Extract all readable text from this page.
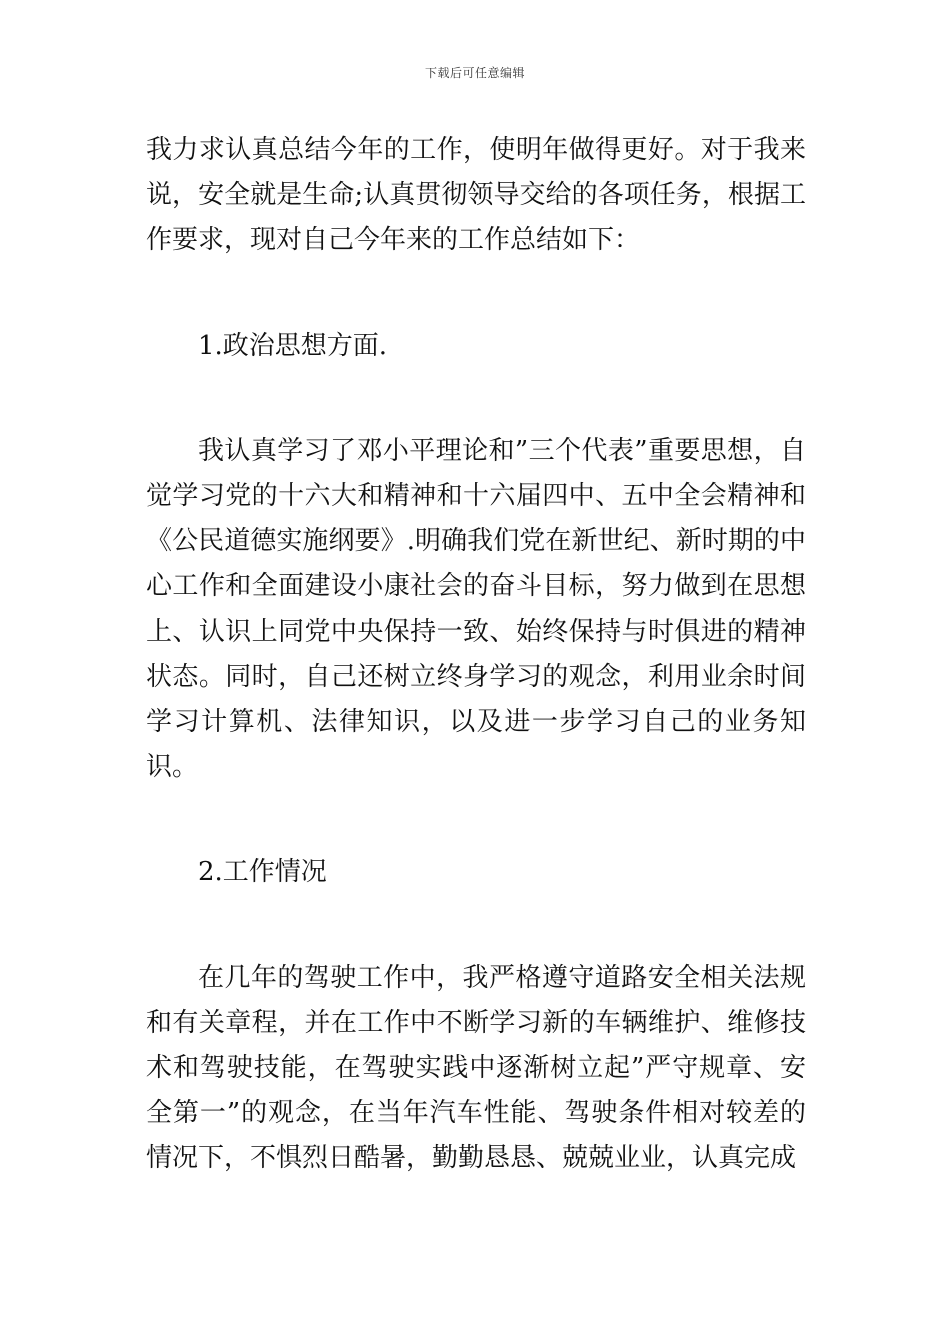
下载后可任意编辑

我力求认真总结今年的工作，使明年做得更好。对于我来说，安全就是生命;认真贯彻领导交给的各项任务，根据工作要求，现对自己今年来的工作总结如下：

1.政治思想方面.

我认真学习了邓小平理论和”三个代表”重要思想，自觉学习党的十六大和精神和十六届四中、五中全会精神和《公民道德实施纲要》.明确我们党在新世纪、新时期的中心工作和全面建设小康社会的奋斗目标，努力做到在思想上、认识上同党中央保持一致、始终保持与时俱进的精神状态。同时，自己还树立终身学习的观念，利用业余时间学习计算机、法律知识，以及进一步学习自己的业务知识。

2.工作情况

在几年的驾驶工作中，我严格遵守道路安全相关法规和有关章程，并在工作中不断学习新的车辆维护、维修技术和驾驶技能，在驾驶实践中逐渐树立起”严守规章、安全第一”的观念，在当年汽车性能、驾驶条件相对较差的情况下，不惧烈日酷暑，勤勤恳恳、兢兢业业，认真完成
